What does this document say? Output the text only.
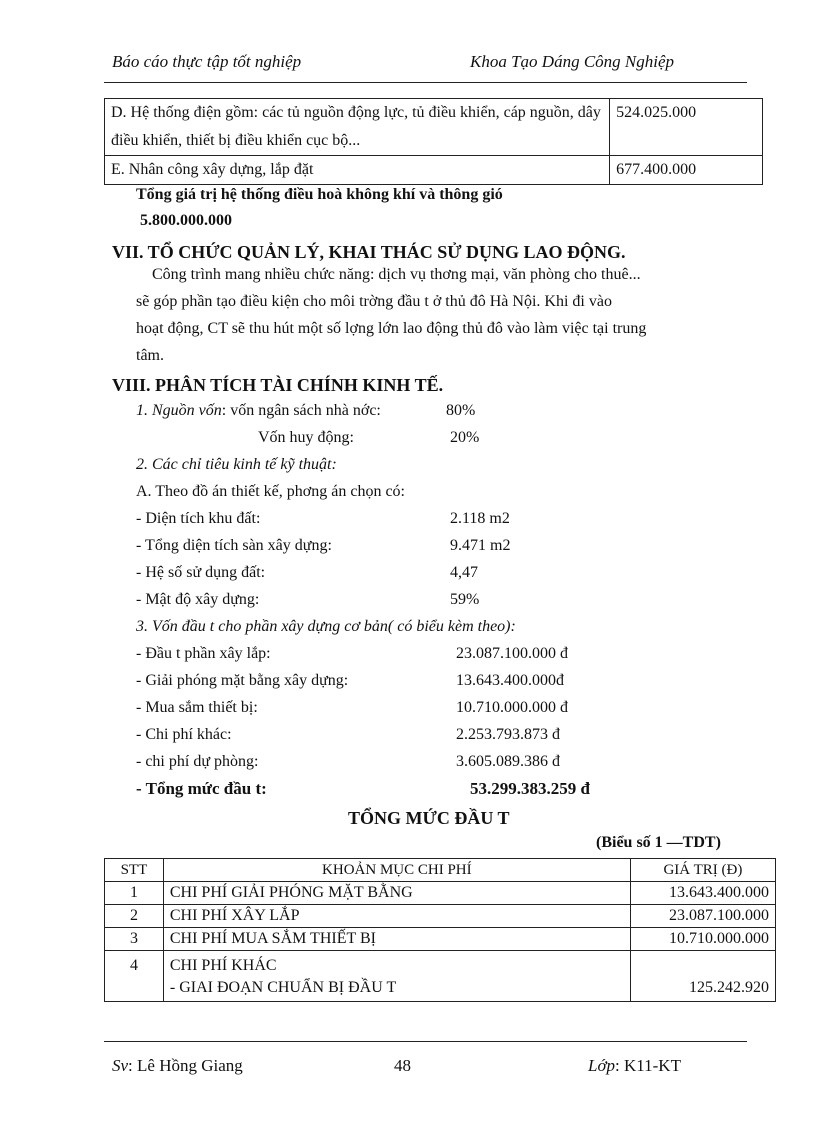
Báo cáo thực tập tốt nghiệp	Khoa Tạo Dáng Công Nghiệp
D. Hệ thống điện gồm: các tủ nguồn động lực, tủ điều khiển, cáp nguồn, dây điều khiển, thiết bị điều khiển cục bộ...	524.025.000
E. Nhân công xây dựng, lắp đặt	677.400.000
Tổng giá trị hệ thống điều hoà không khí và thông gió
5.800.000.000
VII. TỔ CHỨC QUẢN LÝ, KHAI THÁC SỬ DỤNG LAO ĐỘNG.
Công trình mang nhiều chức năng: dịch vụ thơng mại, văn phòng cho thuê...
sẽ góp phần tạo điều kiện cho môi trờng đầu t ở thủ đô Hà Nội. Khi đi vào
hoạt động, CT sẽ thu hút một số lợng lớn lao động thủ đô vào làm việc tại trung
tâm.
VIII. PHÂN TÍCH TÀI CHÍNH KINH TẾ.
1. Nguồn vốn: vốn ngân sách nhà nớc:	80%
Vốn huy động:	20%
2. Các chỉ tiêu kinh tế kỹ thuật:
A. Theo đồ án thiết kế, phơng án chọn có:
- Diện tích khu đất:	2.118 m2
- Tổng diện tích sàn xây dựng:	9.471 m2
- Hệ số sử dụng đất:	4,47
- Mật độ xây dựng:	59%
3. Vốn đầu t cho phần xây dựng cơ bản( có biểu kèm theo):
- Đầu t phần xây lắp:	23.087.100.000 đ
- Giải phóng mặt bằng xây dựng:	13.643.400.000đ
- Mua sắm thiết bị:	10.710.000.000 đ
- Chi phí khác:	2.253.793.873 đ
- chi phí dự phòng:	3.605.089.386 đ
- Tổng mức đầu t:	53.299.383.259 đ
TỔNG MỨC ĐẦU T
(Biểu số 1 —TDT)
STT	KHOẢN MỤC CHI PHÍ	GIÁ TRỊ (Đ)
1	CHI PHÍ GIẢI PHÓNG MẶT BẰNG	13.643.400.000
2	CHI PHÍ XÂY LẮP	23.087.100.000
3	CHI PHÍ MUA SẮM THIẾT BỊ	10.710.000.000
4	CHI PHÍ KHÁC
- GIAI ĐOẠN CHUẨN BỊ ĐẦU T	125.242.920
Sv: Lê Hồng Giang	48	Lớp: K11-KT
